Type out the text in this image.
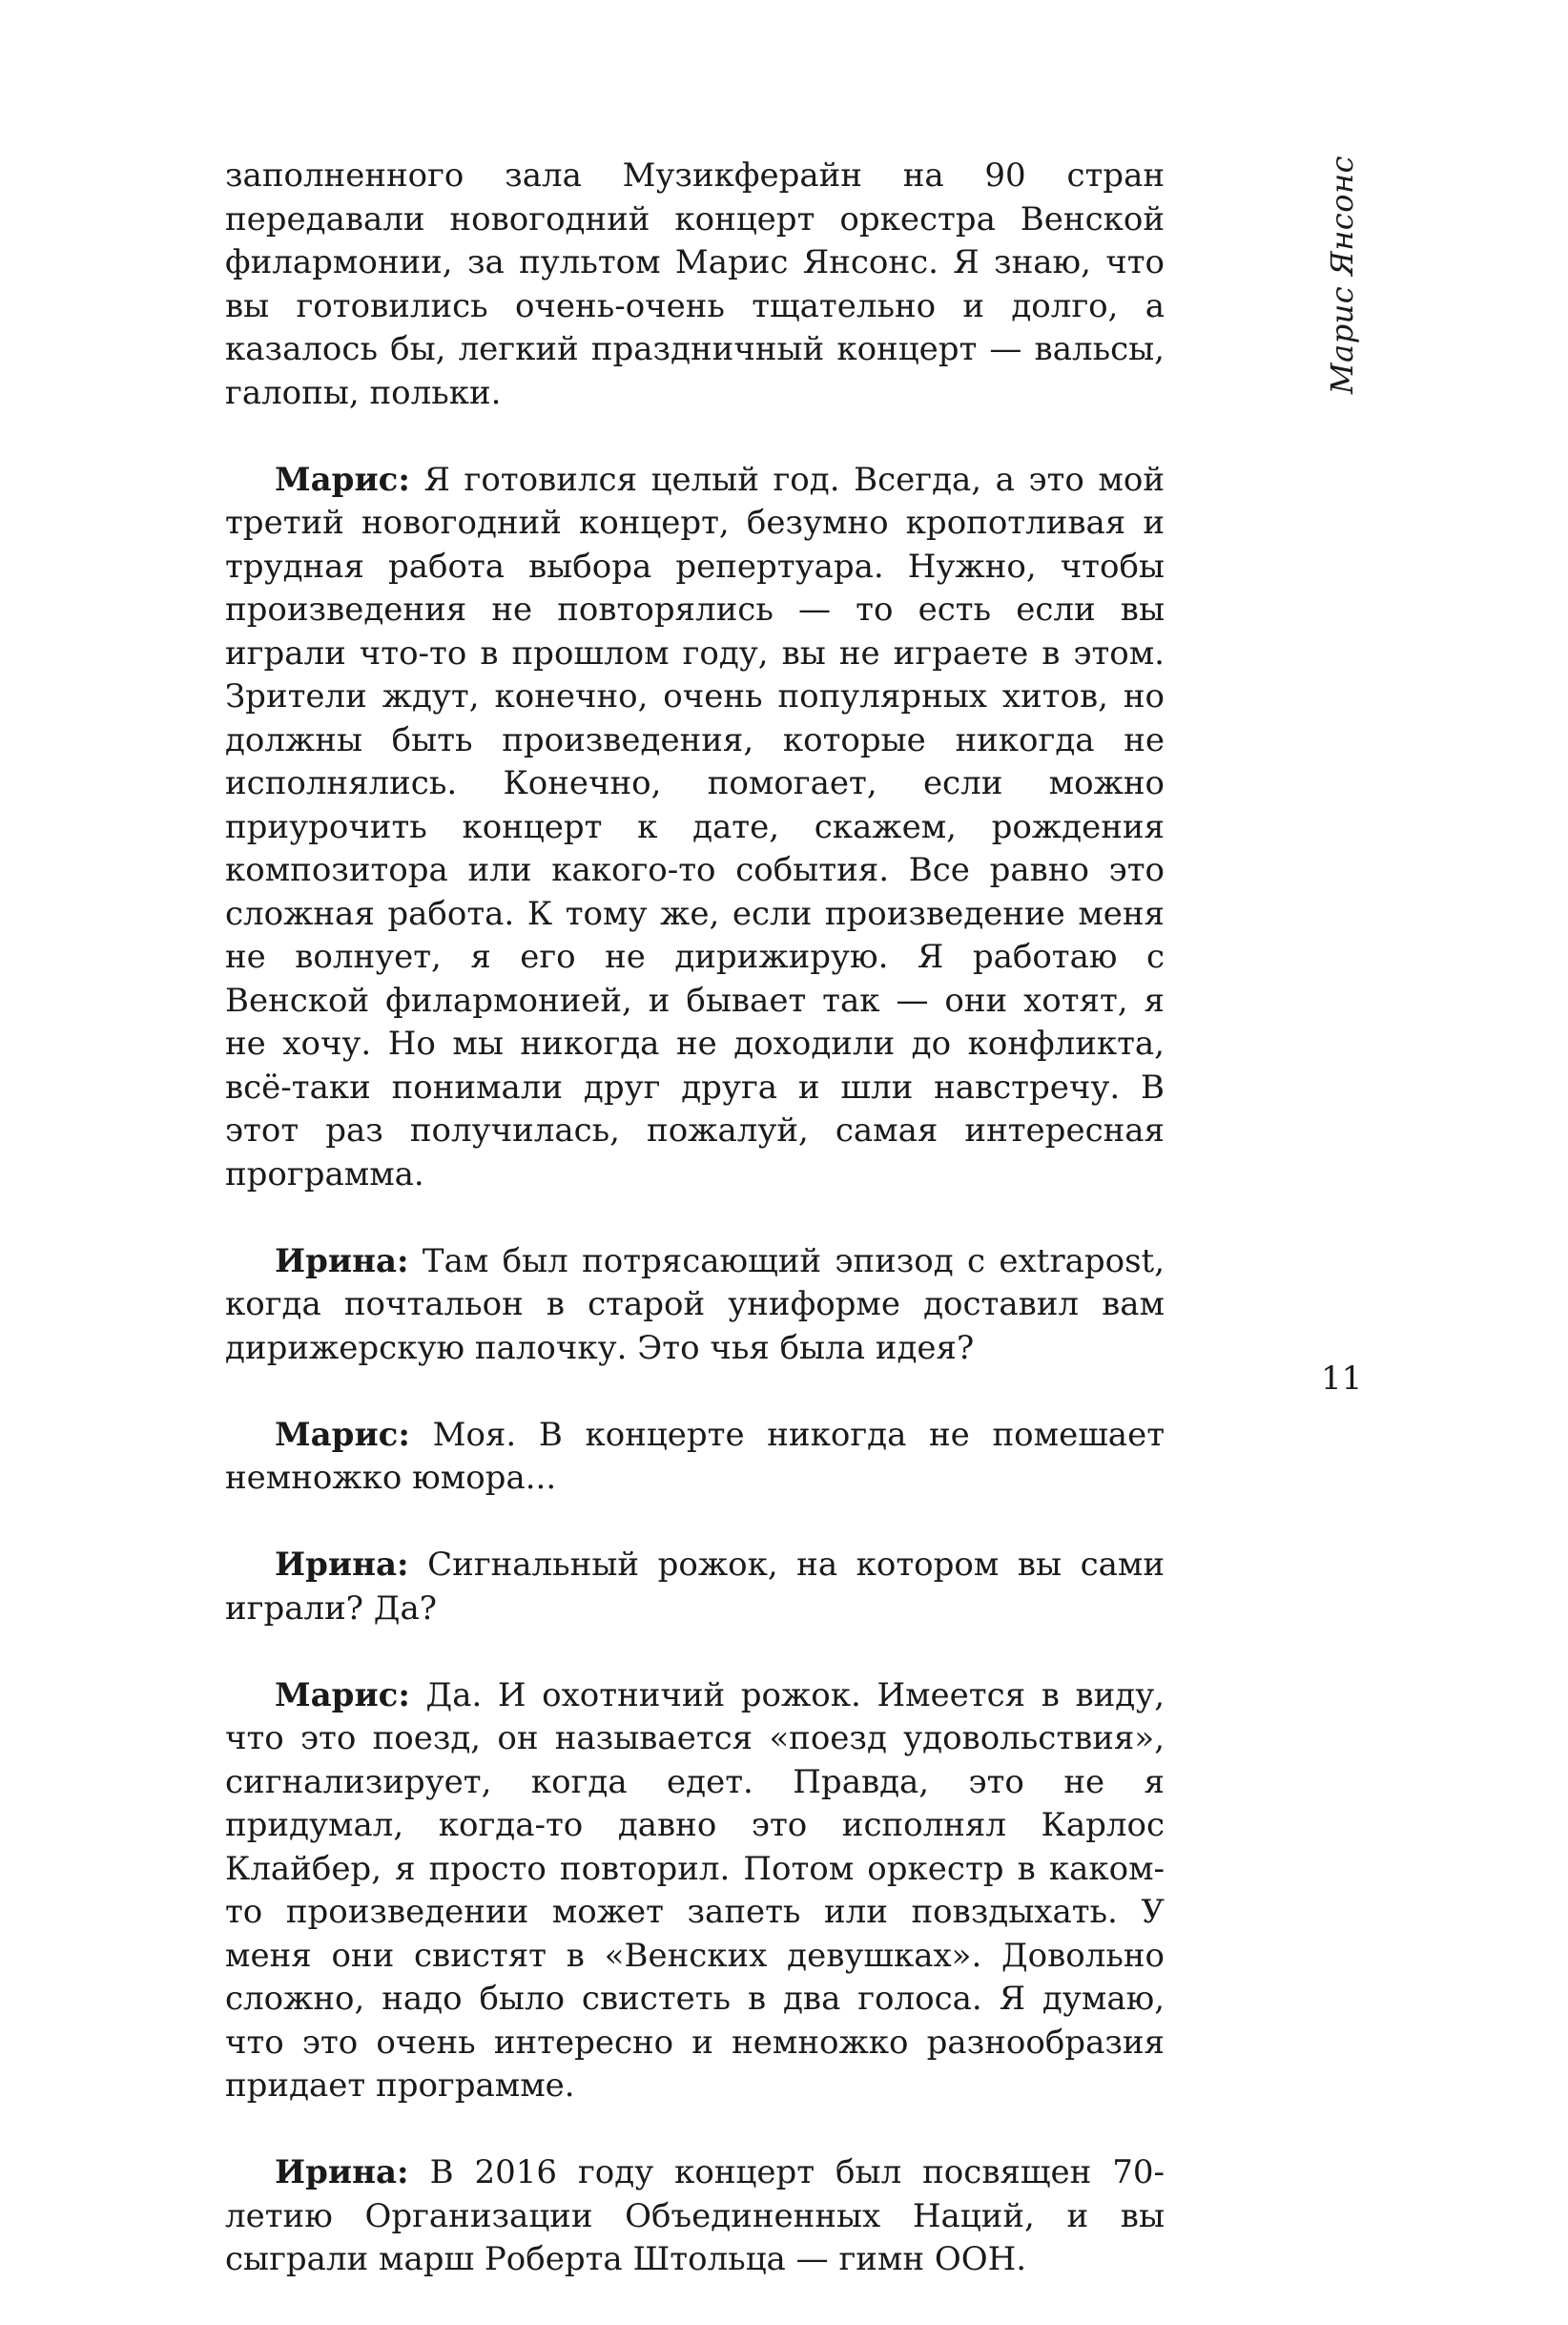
заполненного зала Музикферайн на 90 стран передавали новогодний концерт оркестра Венской филармонии, за пультом Марис Янсонс. Я знаю, что вы готовились очень-очень тщательно и долго, а казалось бы, легкий праздничный концерт — вальсы, галопы, польки.

Марис: Я готовился целый год. Всегда, а это мой третий новогодний концерт, безумно кропотливая и трудная работа выбора репертуара. Нужно, чтобы произведения не повторялись — то есть если вы играли что-то в прошлом году, вы не играете в этом. Зрители ждут, конечно, очень популярных хитов, но должны быть произведения, которые никогда не исполнялись. Конечно, помогает, если можно приурочить концерт к дате, скажем, рождения композитора или какого-то события. Все равно это сложная работа. К тому же, если произведение меня не волнует, я его не дирижирую. Я работаю с Венской филармонией, и бывает так — они хотят, я не хочу. Но мы никогда не доходили до конфликта, всё-таки понимали друг друга и шли навстречу. В этот раз получилась, пожалуй, самая интересная программа.

Ирина: Там был потрясающий эпизод с extrapost, когда почтальон в старой униформе доставил вам дирижерскую палочку. Это чья была идея?

Марис: Моя. В концерте никогда не помешает немножко юмора...

Ирина: Сигнальный рожок, на котором вы сами играли? Да?

Марис: Да. И охотничий рожок. Имеется в виду, что это поезд, он называется «поезд удовольствия», сигнализирует, когда едет. Правда, это не я придумал, когда-то давно это исполнял Карлос Клайбер, я просто повторил. Потом оркестр в каком-то произведении может запеть или повздыхать. У меня они свистят в «Венских девушках». Довольно сложно, надо было свистеть в два голоса. Я думаю, что это очень интересно и немножко разнообразия придает программе.

Ирина: В 2016 году концерт был посвящен 70-летию Организации Объединенных Наций, и вы сыграли марш Роберта Штольца — гимн ООН.

Марис Янсонс
11
